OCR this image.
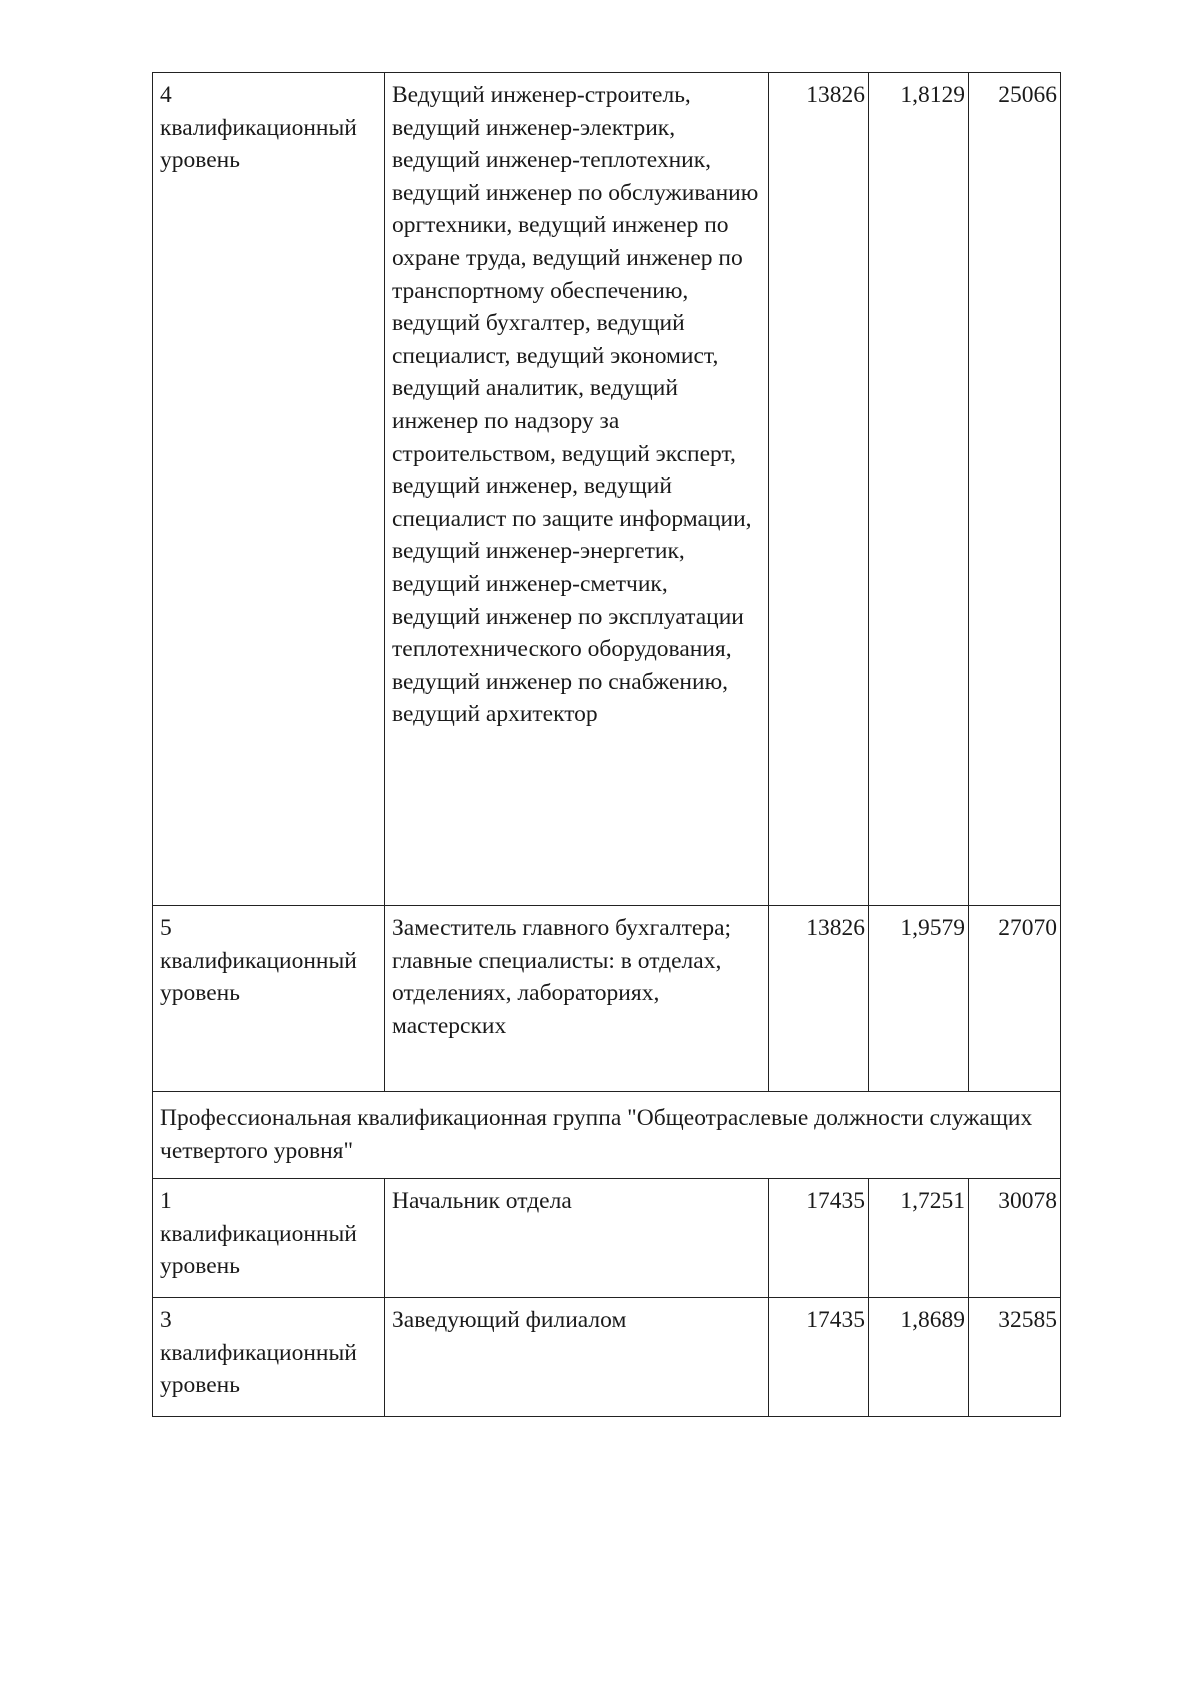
4
квалификационный уровень	Ведущий инженер-строитель, ведущий инженер-электрик, ведущий инженер-теплотехник, ведущий инженер по обслуживанию оргтехники, ведущий инженер по охране труда, ведущий инженер по транспортному обеспечению, ведущий бухгалтер, ведущий специалист, ведущий экономист, ведущий аналитик, ведущий инженер по надзору за строительством, ведущий эксперт, ведущий инженер, ведущий специалист по защите информации, ведущий инженер-энергетик, ведущий инженер-сметчик, ведущий инженер по эксплуатации теплотехнического оборудования, ведущий инженер по снабжению, ведущий архитектор	13826	1,8129	25066

5
квалификационный уровень	Заместитель главного бухгалтера; главные специалисты: в отделах, отделениях, лабораториях, мастерских	13826	1,9579	27070
Профессиональная квалификационная группа "Общеотраслевые должности служащих четвертого уровня"				

1
квалификационный уровень	Начальник отдела	17435	1,7251	30078

3
квалификационный уровень	Заведующий филиалом	17435	1,8689	32585
